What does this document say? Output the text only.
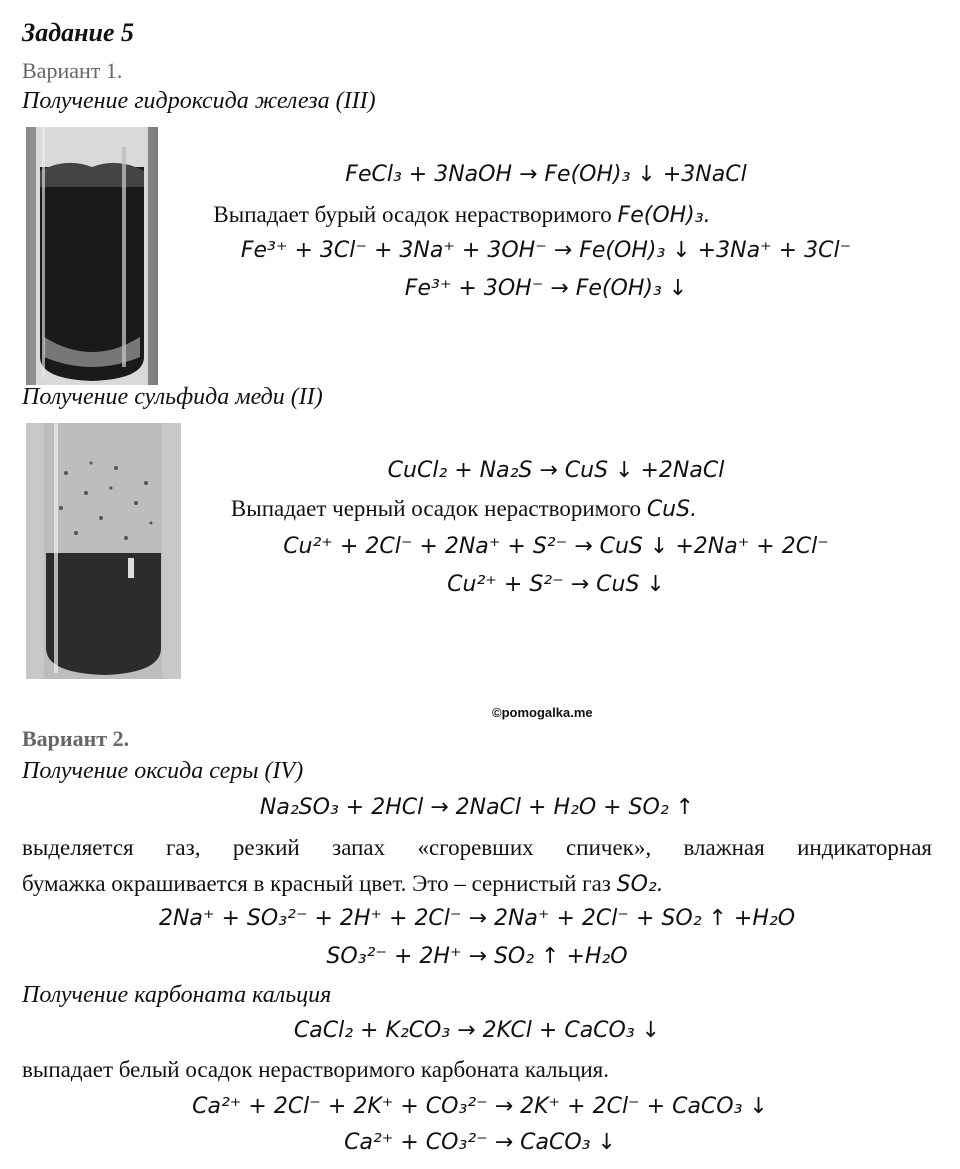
Задание 5
Вариант 1.
Получение гидроксида железа (III)
FeCl₃ + 3NaOH → Fe(OH)₃ ↓ +3NaCl
Выпадает бурый осадок нерастворимого Fe(OH)₃.
Fe³⁺ + 3Cl⁻ + 3Na⁺ + 3OH⁻ → Fe(OH)₃ ↓ +3Na⁺ + 3Cl⁻
Fe³⁺ + 3OH⁻ → Fe(OH)₃ ↓
Получение сульфида меди (II)
CuCl₂ + Na₂S → CuS ↓ +2NaCl
Выпадает черный осадок нерастворимого CuS.
Cu²⁺ + 2Cl⁻ + 2Na⁺ + S²⁻ → CuS ↓ +2Na⁺ + 2Cl⁻
Cu²⁺ + S²⁻ → CuS ↓
©pomogalka.me
Вариант 2.
Получение оксида серы (IV)
Na₂SO₃ + 2HCl → 2NaCl + H₂O + SO₂ ↑
выделяется газ, резкий запах «сгоревших спичек», влажная индикаторная
бумажка окрашивается в красный цвет. Это – сернистый газ SO₂.
2Na⁺ + SO₃²⁻ + 2H⁺ + 2Cl⁻ → 2Na⁺ + 2Cl⁻ + SO₂ ↑ +H₂O
SO₃²⁻ + 2H⁺ → SO₂ ↑ +H₂O
Получение карбоната кальция
CaCl₂ + K₂CO₃ → 2KCl + CaCO₃ ↓
выпадает белый осадок нерастворимого карбоната кальция.
Ca²⁺ + 2Cl⁻ + 2K⁺ + CO₃²⁻ → 2K⁺ + 2Cl⁻ + CaCO₃ ↓
Ca²⁺ + CO₃²⁻ → CaCO₃ ↓
